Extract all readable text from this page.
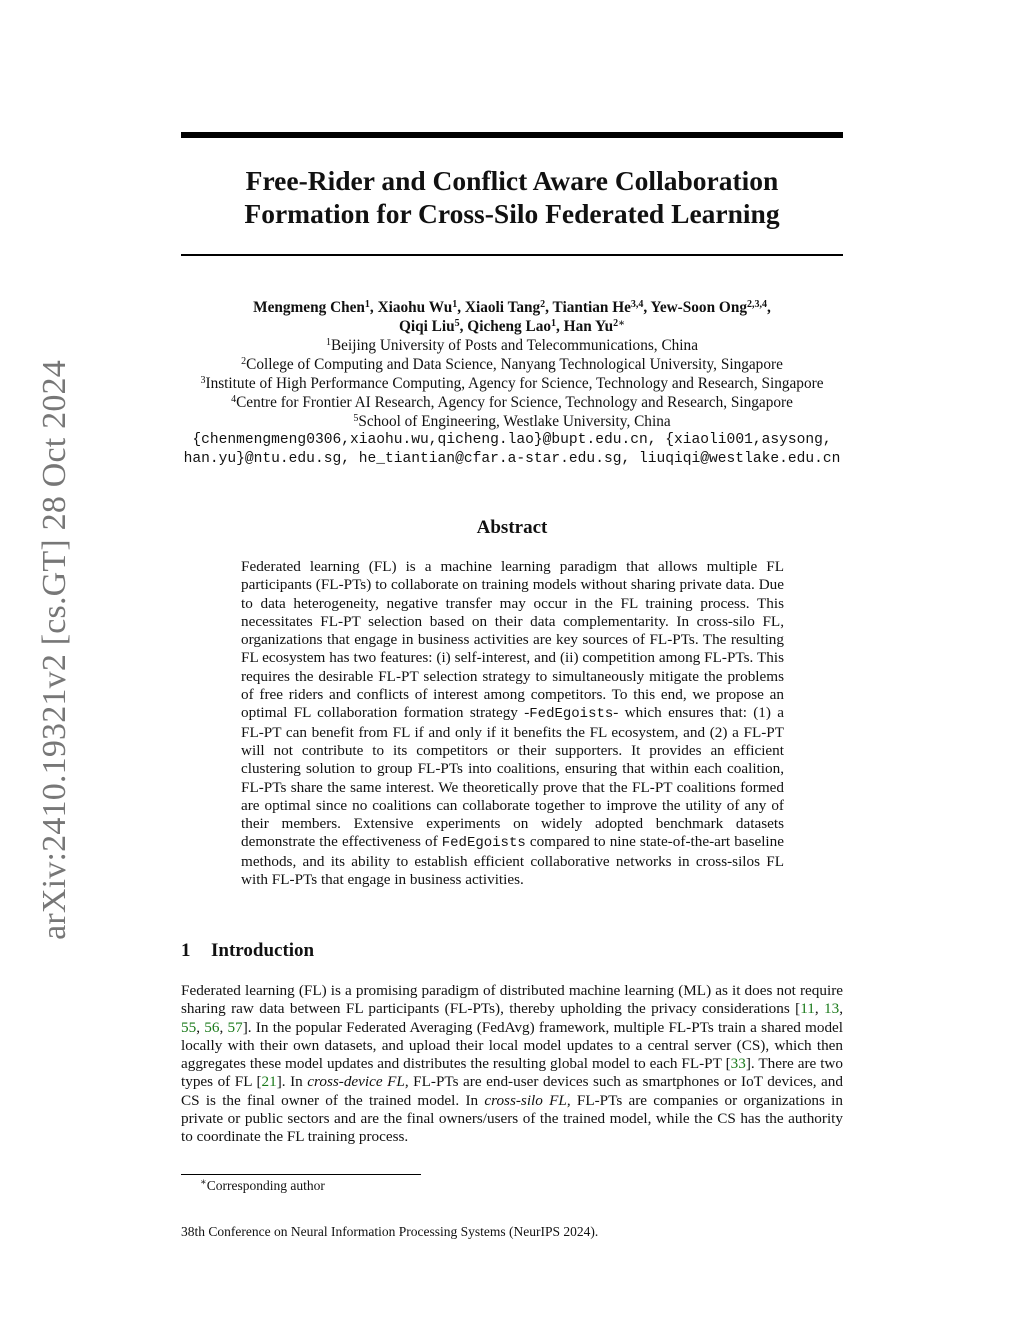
arXiv:2410.19321v2 [cs.GT] 28 Oct 2024
Free-Rider and Conflict Aware Collaboration
Formation for Cross-Silo Federated Learning
Mengmeng Chen$^1$, Xiaohu Wu$^1$, Xiaoli Tang$^2$, Tiantian He$^{3,4}$, Yew-Soon Ong$^{2,3,4}$,
Qiqi Liu$^5$, Qicheng Lao$^1$, Han $Yu^{2∗}$
$^1$Beijing University of Posts and Telecommunications, China
$^2$College of Computing and Data Science, Nanyang Technological University, Singapore
$^3$Institute of High Performance Computing, Agency for Science, Technology and Research, Singapore
$^4$Centre for Frontier AI Research, Agency for Science, Technology and Research, Singapore
$^5$School of Engineering, Westlake University, China
{chenmengmeng0306,xiaohu.wu,qicheng.lao}@bupt.edu.cn, {xiaoli001,asysong,
han.yu}@ntu.edu.sg, he_tiantian@cfar.a-star.edu.sg, liuqiqi@westlake.edu.cn
Abstract
Federated learning (FL) is a machine learning paradigm that allows multiple FL participants (FL-PTs) to collaborate on training models without sharing private data. Due to data heterogeneity, negative transfer may occur in the FL training process. This necessitates FL-PT selection based on their data complementarity. In cross-silo FL, organizations that engage in business activities are key sources of FL-PTs. The resulting FL ecosystem has two features: (i) self-interest, and (ii) competition among FL-PTs. This requires the desirable FL-PT selection strategy to simultaneously mitigate the problems of free riders and conflicts of interest among competitors. To this end, we propose an optimal FL collaboration formation strategy -FedEgoists- which ensures that: (1) a FL-PT can benefit from FL if and only if it benefits the FL ecosystem, and (2) a FL-PT will not contribute to its competitors or their supporters. It provides an efficient clustering solution to group FL-PTs into coalitions, ensuring that within each coalition, FL-PTs share the same interest. We theoretically prove that the FL-PT coalitions formed are optimal since no coalitions can collaborate together to improve the utility of any of their members. Extensive experiments on widely adopted benchmark datasets demonstrate the effectiveness of FedEgoists compared to nine state-of-the-art baseline methods, and its ability to establish efficient collaborative networks in cross-silos FL with FL-PTs that engage in business activities.
1 Introduction
Federated learning (FL) is a promising paradigm of distributed machine learning (ML) as it does not require sharing raw data between FL participants (FL-PTs), thereby upholding the privacy considerations [11, 13, 55, 56, 57]. In the popular Federated Averaging (FedAvg) framework, multiple FL-PTs train a shared model locally with their own datasets, and upload their local model updates to a central server (CS), which then aggregates these model updates and distributes the resulting global model to each FL-PT [33]. There are two types of FL [21]. In cross-device FL, FL-PTs are end-user devices such as smartphones or IoT devices, and CS is the final owner of the trained model. In cross-silo FL, FL-PTs are companies or organizations in private or public sectors and are the final owners/users of the trained model, while the CS has the authority to coordinate the FL training process.
∗Corresponding author
38th Conference on Neural Information Processing Systems (NeurIPS 2024).
